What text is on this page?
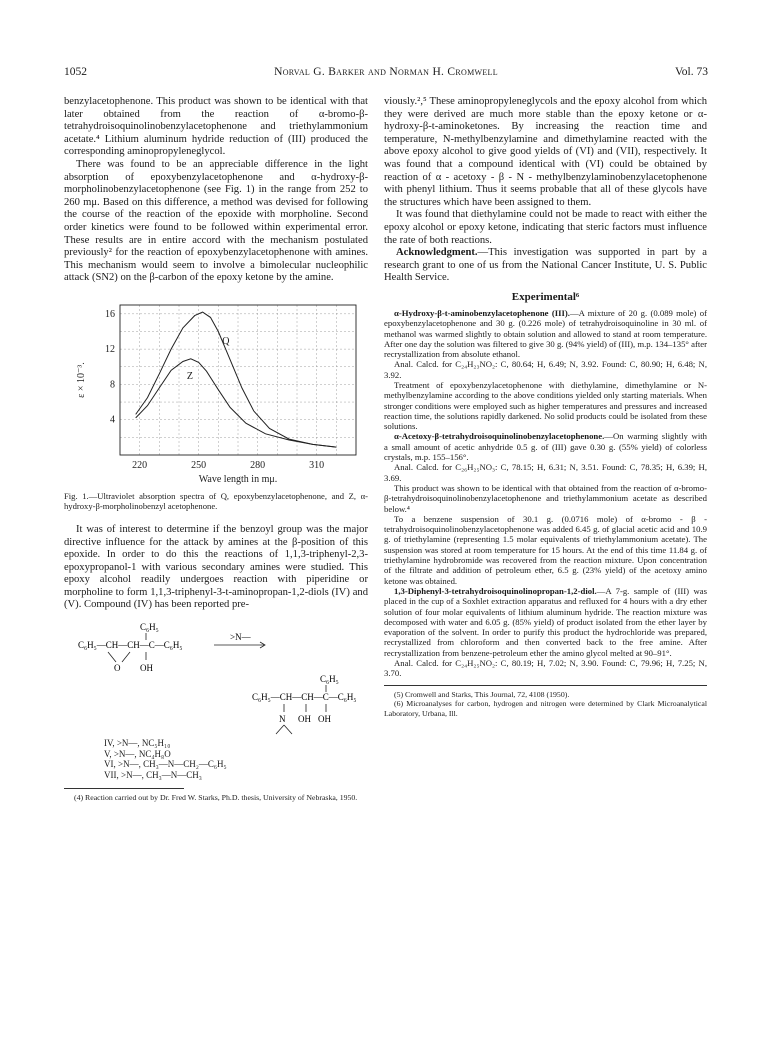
1052	Norval G. Barker and Norman H. Cromwell	Vol. 73

benzylacetophenone. This product was shown to be identical with that later obtained from the reaction of α-bromo-β-tetrahydroisoquinolinobenzylacetophenone and triethylammonium acetate.⁴ Lithium aluminum hydride reduction of (III) produced the corresponding aminopropyleneglycol.

There was found to be an appreciable difference in the light absorption of epoxybenzylacetophenone and α-hydroxy-β-morpholinobenzylacetophenone (see Fig. 1) in the range from 252 to 260 mμ. Based on this difference, a method was devised for following the course of the reaction of the epoxide with morpholine. Second order kinetics were found to be followed within experimental error. These results are in entire accord with the mechanism postulated previously² for the reaction of epoxybenzylacetophenone with amines. This mechanism would seem to involve a bimolecular nucleophilic attack (SN2) on the β-carbon of the epoxy ketone by the amine.

4
8
12
16
220	250	280	310
Q
Z
ε × 10⁻³.
Wave length in mμ.

Fig. 1.—Ultraviolet absorption spectra of Q, epoxybenzylacetophenone, and Z, α-hydroxy-β-morpholinobenzyl acetophenone.

It was of interest to determine if the benzoyl group was the major directive influence for the attack by amines at the β-position of this epoxide. In order to do this the reactions of 1,1,3-triphenyl-2,3-epoxypropanol-1 with various secondary amines were studied. This epoxy alcohol readily undergoes reaction with piperidine or morpholine to form 1,1,3-triphenyl-3-t-aminopropan-1,2-diols (IV) and (V). Compound (IV) has been reported pre-

C₆H₅
C₆H₅—CH—CH—C—C₆H₅
O OH
>N—
C₆H₅
C₆H₅—CH—CH—C—C₆H₅
N OH OH
IV, >N—, NC₅H₁₀
V, >N—, NC₄H₈O
VI, >N—, CH₃—N—CH₂—C₆H₅
VII, >N—, CH₃—N—CH₃

(4) Reaction carried out by Dr. Fred W. Starks, Ph.D. thesis, University of Nebraska, 1950.

viously.²,⁵ These aminopropyleneglycols and the epoxy alcohol from which they were derived are much more stable than the epoxy ketone or α-hydroxy-β-t-aminoketones. By increasing the reaction time and temperature, N-methylbenzylamine and dimethylamine reacted with the above epoxy alcohol to give good yields of (VI) and (VII), respectively. It was found that a compound identical with (VI) could be obtained by reaction of α - acetoxy - β - N - methylbenzylaminobenzylacetophenone with phenyl lithium. Thus it seems probable that all of these glycols have the structures which have been assigned to them.

It was found that diethylamine could not be made to react with either the epoxy alcohol or epoxy ketone, indicating that steric factors must influence the rate of both reactions.

Acknowledgment.—This investigation was supported in part by a research grant to one of us from the National Cancer Institute, U. S. Public Health Service.

Experimental⁶

α-Hydroxy-β-t-aminobenzylacetophenone (III).—A mixture of 20 g. (0.089 mole) of epoxybenzylacetophenone and 30 g. (0.226 mole) of tetrahydroisoquinoline in 30 ml. of methanol was warmed slightly to obtain solution and allowed to stand at room temperature. After one day the solution was filtered to give 30 g. (94% yield) of (III), m.p. 134–135° after recrystallization from absolute ethanol.

Anal. Calcd. for C₂₄H₂₃NO₂: C, 80.64; H, 6.49; N, 3.92. Found: C, 80.90; H, 6.48; N, 3.92.

Treatment of epoxybenzylacetophenone with diethylamine, dimethylamine or N-methylbenzylamine according to the above conditions yielded only starting materials. When stronger conditions were employed such as higher temperatures and pressures and increased reaction time, the solutions rapidly darkened. No solid products could be isolated from these solutions.

α-Acetoxy-β-tetrahydroisoquinolinobenzylacetophenone.—On warming slightly with a small amount of acetic anhydride 0.5 g. of (III) gave 0.30 g. (55% yield) of colorless crystals, m.p. 155–156°.

Anal. Calcd. for C₂₆H₂₅NO₃: C, 78.15; H, 6.31; N, 3.51. Found: C, 78.35; H, 6.39; H, 3.69.

This product was shown to be identical with that obtained from the reaction of α-bromo-β-tetrahydroisoquinolinobenzylacetophenone and triethylammonium acetate as described below.⁴

To a benzene suspension of 30.1 g. (0.0716 mole) of α-bromo - β - tetrahydroisoquinolinobenzylacetophenone was added 6.45 g. of glacial acetic acid and 10.9 g. of triethylamine (representing 1.5 molar equivalents of triethylammonium acetate). The suspension was stored at room temperature for 15 hours. At the end of this time 11.84 g. of triethylamine hydrobromide was recovered from the reaction mixture. Upon concentration of the filtrate and addition of petroleum ether, 6.5 g. (23% yield) of the acetoxy amino ketone was obtained.

1,3-Diphenyl-3-tetrahydroisoquinolinopropan-1,2-diol.—A 7-g. sample of (III) was placed in the cup of a Soxhlet extraction apparatus and refluxed for 4 hours with a dry ether solution of four molar equivalents of lithium aluminum hydride. The reaction mixture was decomposed with water and 6.05 g. (85% yield) of product isolated from the ether layer by evaporation of the solvent. In order to purify this product the hydrochloride was prepared, recrystallized from chloroform and then converted back to the free amine. After recrystallization from benzene-petroleum ether the amino glycol melted at 90–91°.

Anal. Calcd. for C₂₄H₂₅NO₂: C, 80.19; H, 7.02; N, 3.90. Found: C, 79.96; H, 7.25; N, 3.70.

(5) Cromwell and Starks, This Journal, 72, 4108 (1950).

(6) Microanalyses for carbon, hydrogen and nitrogen were determined by Clark Microanalytical Laboratory, Urbana, Ill.
